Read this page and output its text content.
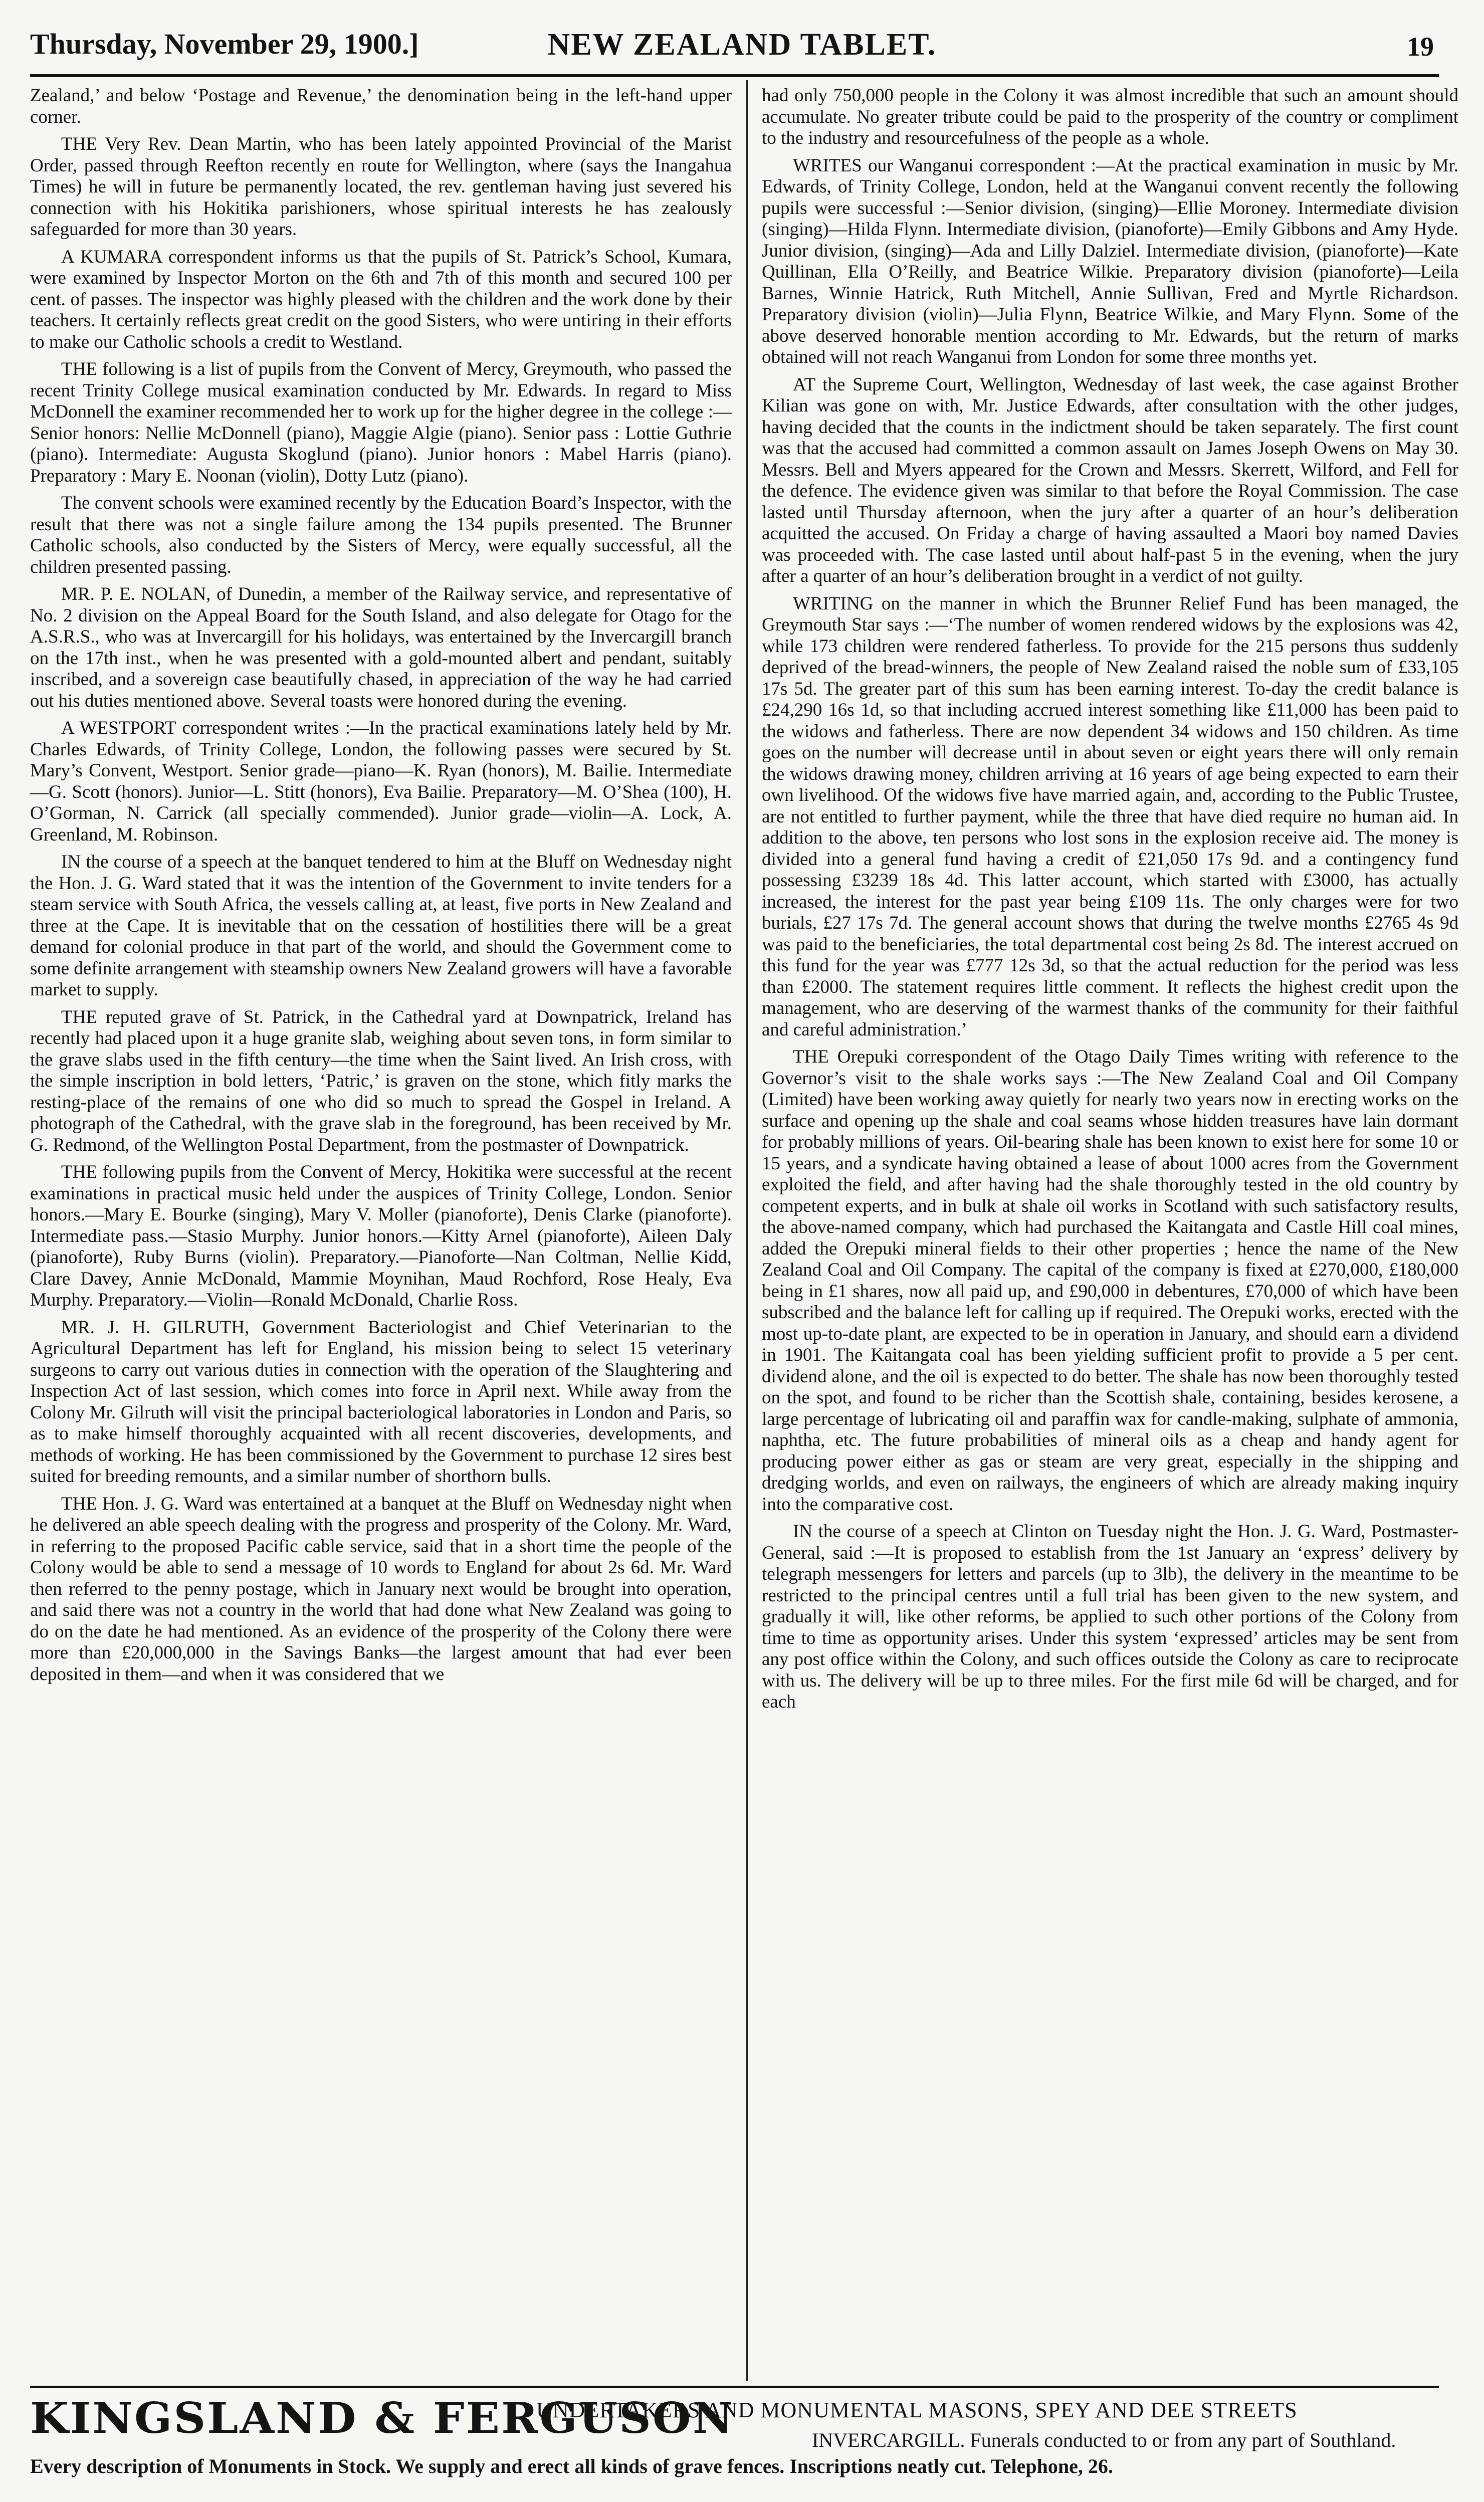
Thursday, November 29, 1900.]	NEW ZEALAND TABLET.	19

Zealand,’ and below ‘Postage and Revenue,’ the denomination being in the left-hand upper corner.

THE Very Rev. Dean Martin, who has been lately appointed Provincial of the Marist Order, passed through Reefton recently en route for Wellington, where (says the Inangahua Times) he will in future be permanently located, the rev. gentleman having just severed his connection with his Hokitika parishioners, whose spiritual interests he has zealously safeguarded for more than 30 years.

A KUMARA correspondent informs us that the pupils of St. Patrick’s School, Kumara, were examined by Inspector Morton on the 6th and 7th of this month and secured 100 per cent. of passes. The inspector was highly pleased with the children and the work done by their teachers. It certainly reflects great credit on the good Sisters, who were untiring in their efforts to make our Catholic schools a credit to Westland.

THE following is a list of pupils from the Convent of Mercy, Greymouth, who passed the recent Trinity College musical examination conducted by Mr. Edwards. In regard to Miss McDonnell the examiner recommended her to work up for the higher degree in the college :—Senior honors: Nellie McDonnell (piano), Maggie Algie (piano). Senior pass : Lottie Guthrie (piano). Intermediate: Augusta Skoglund (piano). Junior honors : Mabel Harris (piano). Preparatory : Mary E. Noonan (violin), Dotty Lutz (piano).

The convent schools were examined recently by the Education Board’s Inspector, with the result that there was not a single failure among the 134 pupils presented. The Brunner Catholic schools, also conducted by the Sisters of Mercy, were equally successful, all the children presented passing.

MR. P. E. NOLAN, of Dunedin, a member of the Railway service, and representative of No. 2 division on the Appeal Board for the South Island, and also delegate for Otago for the A.S.R.S., who was at Invercargill for his holidays, was entertained by the Invercargill branch on the 17th inst., when he was presented with a gold-mounted albert and pendant, suitably inscribed, and a sovereign case beautifully chased, in appreciation of the way he had carried out his duties mentioned above. Several toasts were honored during the evening.

A WESTPORT correspondent writes :—In the practical examinations lately held by Mr. Charles Edwards, of Trinity College, London, the following passes were secured by St. Mary’s Convent, Westport. Senior grade—piano—K. Ryan (honors), M. Bailie. Intermediate—G. Scott (honors). Junior—L. Stitt (honors), Eva Bailie. Preparatory—M. O’Shea (100), H. O’Gorman, N. Carrick (all specially commended). Junior grade—violin—A. Lock, A. Greenland, M. Robinson.

IN the course of a speech at the banquet tendered to him at the Bluff on Wednesday night the Hon. J. G. Ward stated that it was the intention of the Government to invite tenders for a steam service with South Africa, the vessels calling at, at least, five ports in New Zealand and three at the Cape. It is inevitable that on the cessation of hostilities there will be a great demand for colonial produce in that part of the world, and should the Government come to some definite arrangement with steamship owners New Zealand growers will have a favorable market to supply.

THE reputed grave of St. Patrick, in the Cathedral yard at Downpatrick, Ireland has recently had placed upon it a huge granite slab, weighing about seven tons, in form similar to the grave slabs used in the fifth century—the time when the Saint lived. An Irish cross, with the simple inscription in bold letters, ‘Patric,’ is graven on the stone, which fitly marks the resting-place of the remains of one who did so much to spread the Gospel in Ireland. A photograph of the Cathedral, with the grave slab in the foreground, has been received by Mr. G. Redmond, of the Wellington Postal Department, from the postmaster of Downpatrick.

THE following pupils from the Convent of Mercy, Hokitika were successful at the recent examinations in practical music held under the auspices of Trinity College, London. Senior honors.—Mary E. Bourke (singing), Mary V. Moller (pianoforte), Denis Clarke (pianoforte). Intermediate pass.—Stasio Murphy. Junior honors.—Kitty Arnel (pianoforte), Aileen Daly (pianoforte), Ruby Burns (violin). Preparatory.—Pianoforte—Nan Coltman, Nellie Kidd, Clare Davey, Annie McDonald, Mammie Moynihan, Maud Rochford, Rose Healy, Eva Murphy. Preparatory.—Violin—Ronald McDonald, Charlie Ross.

MR. J. H. GILRUTH, Government Bacteriologist and Chief Veterinarian to the Agricultural Department has left for England, his mission being to select 15 veterinary surgeons to carry out various duties in connection with the operation of the Slaughtering and Inspection Act of last session, which comes into force in April next. While away from the Colony Mr. Gilruth will visit the principal bacteriological laboratories in London and Paris, so as to make himself thoroughly acquainted with all recent discoveries, developments, and methods of working. He has been commissioned by the Government to purchase 12 sires best suited for breeding remounts, and a similar number of shorthorn bulls.

THE Hon. J. G. Ward was entertained at a banquet at the Bluff on Wednesday night when he delivered an able speech dealing with the progress and prosperity of the Colony. Mr. Ward, in referring to the proposed Pacific cable service, said that in a short time the people of the Colony would be able to send a message of 10 words to England for about 2s 6d. Mr. Ward then referred to the penny postage, which in January next would be brought into operation, and said there was not a country in the world that had done what New Zealand was going to do on the date he had mentioned. As an evidence of the prosperity of the Colony there were more than £20,000,000 in the Savings Banks—the largest amount that had ever been deposited in them—and when it was considered that we

had only 750,000 people in the Colony it was almost incredible that such an amount should accumulate. No greater tribute could be paid to the prosperity of the country or compliment to the industry and resourcefulness of the people as a whole.

WRITES our Wanganui correspondent :—At the practical examination in music by Mr. Edwards, of Trinity College, London, held at the Wanganui convent recently the following pupils were successful :—Senior division, (singing)—Ellie Moroney. Intermediate division (singing)—Hilda Flynn. Intermediate division, (pianoforte)—Emily Gibbons and Amy Hyde. Junior division, (singing)—Ada and Lilly Dalziel. Intermediate division, (pianoforte)—Kate Quillinan, Ella O’Reilly, and Beatrice Wilkie. Preparatory division (pianoforte)—Leila Barnes, Winnie Hatrick, Ruth Mitchell, Annie Sullivan, Fred and Myrtle Richardson. Preparatory division (violin)—Julia Flynn, Beatrice Wilkie, and Mary Flynn. Some of the above deserved honorable mention according to Mr. Edwards, but the return of marks obtained will not reach Wanganui from London for some three months yet.

AT the Supreme Court, Wellington, Wednesday of last week, the case against Brother Kilian was gone on with, Mr. Justice Edwards, after consultation with the other judges, having decided that the counts in the indictment should be taken separately. The first count was that the accused had committed a common assault on James Joseph Owens on May 30. Messrs. Bell and Myers appeared for the Crown and Messrs. Skerrett, Wilford, and Fell for the defence. The evidence given was similar to that before the Royal Commission. The case lasted until Thursday afternoon, when the jury after a quarter of an hour’s deliberation acquitted the accused. On Friday a charge of having assaulted a Maori boy named Davies was proceeded with. The case lasted until about half-past 5 in the evening, when the jury after a quarter of an hour’s deliberation brought in a verdict of not guilty.

WRITING on the manner in which the Brunner Relief Fund has been managed, the Greymouth Star says :—‘The number of women rendered widows by the explosions was 42, while 173 children were rendered fatherless. To provide for the 215 persons thus suddenly deprived of the bread-winners, the people of New Zealand raised the noble sum of £33,105 17s 5d. The greater part of this sum has been earning interest. To-day the credit balance is £24,290 16s 1d, so that including accrued interest something like £11,000 has been paid to the widows and fatherless. There are now dependent 34 widows and 150 children. As time goes on the number will decrease until in about seven or eight years there will only remain the widows drawing money, children arriving at 16 years of age being expected to earn their own livelihood. Of the widows five have married again, and, according to the Public Trustee, are not entitled to further payment, while the three that have died require no human aid. In addition to the above, ten persons who lost sons in the explosion receive aid. The money is divided into a general fund having a credit of £21,050 17s 9d. and a contingency fund possessing £3239 18s 4d. This latter account, which started with £3000, has actually increased, the interest for the past year being £109 11s. The only charges were for two burials, £27 17s 7d. The general account shows that during the twelve months £2765 4s 9d was paid to the beneficiaries, the total departmental cost being 2s 8d. The interest accrued on this fund for the year was £777 12s 3d, so that the actual reduction for the period was less than £2000. The statement requires little comment. It reflects the highest credit upon the management, who are deserving of the warmest thanks of the community for their faithful and careful administration.’

THE Orepuki correspondent of the Otago Daily Times writing with reference to the Governor’s visit to the shale works says :—The New Zealand Coal and Oil Company (Limited) have been working away quietly for nearly two years now in erecting works on the surface and opening up the shale and coal seams whose hidden treasures have lain dormant for probably millions of years. Oil-bearing shale has been known to exist here for some 10 or 15 years, and a syndicate having obtained a lease of about 1000 acres from the Government exploited the field, and after having had the shale thoroughly tested in the old country by competent experts, and in bulk at shale oil works in Scotland with such satisfactory results, the above-named company, which had purchased the Kaitangata and Castle Hill coal mines, added the Orepuki mineral fields to their other properties ; hence the name of the New Zealand Coal and Oil Company. The capital of the company is fixed at £270,000, £180,000 being in £1 shares, now all paid up, and £90,000 in debentures, £70,000 of which have been subscribed and the balance left for calling up if required. The Orepuki works, erected with the most up-to-date plant, are expected to be in operation in January, and should earn a dividend in 1901. The Kaitangata coal has been yielding sufficient profit to provide a 5 per cent. dividend alone, and the oil is expected to do better. The shale has now been thoroughly tested on the spot, and found to be richer than the Scottish shale, containing, besides kerosene, a large percentage of lubricating oil and paraffin wax for candle-making, sulphate of ammonia, naphtha, etc. The future probabilities of mineral oils as a cheap and handy agent for producing power either as gas or steam are very great, especially in the shipping and dredging worlds, and even on railways, the engineers of which are already making inquiry into the comparative cost.

IN the course of a speech at Clinton on Tuesday night the Hon. J. G. Ward, Postmaster-General, said :—It is proposed to establish from the 1st January an ‘express’ delivery by telegraph messengers for letters and parcels (up to 3lb), the delivery in the meantime to be restricted to the principal centres until a full trial has been given to the new system, and gradually it will, like other reforms, be applied to such other portions of the Colony from time to time as opportunity arises. Under this system ‘expressed’ articles may be sent from any post office within the Colony, and such offices outside the Colony as care to reciprocate with us. The delivery will be up to three miles. For the first mile 6d will be charged, and for each

KINGSLAND & FERGUSON
UNDERTAKERS AND MONUMENTAL MASONS, SPEY AND DEE STREETS
INVERCARGILL. Funerals conducted to or from any part of Southland.
Every description of Monuments in Stock. We supply and erect all kinds of grave fences. Inscriptions neatly cut. Telephone, 26.
